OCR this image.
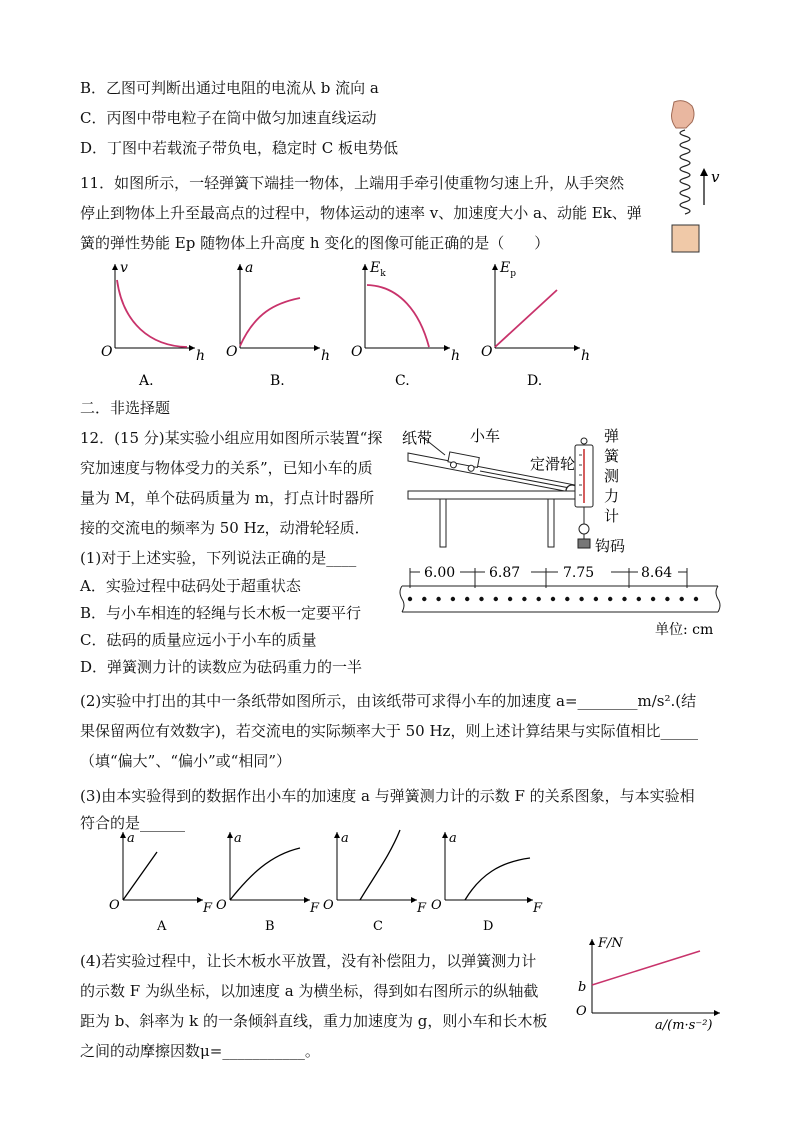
B．乙图可判断出通过电阻的电流从 b 流向 a
C．丙图中带电粒子在筒中做匀加速直线运动
D．丁图中若载流子带负电，稳定时 C 板电势低
11．如图所示，一轻弹簧下端挂一物体，上端用手牵引使重物匀速上升，从手突然
停止到物体上升至最高点的过程中，物体运动的速率 v、加速度大小 a、动能 Ek、弹
簧的弹性势能 Ep 随物体上升高度 h 变化的图像可能正确的是（　　）
v
v
O	h
A.
a
O	h
B.
$E_k$
O	h
C.
$E_p$
O	h
D.
二．非选择题
12．(15 分)某实验小组应用如图所示装置“探
究加速度与物体受力的关系”，已知小车的质
量为 M，单个砝码质量为 m，打点计时器所
接的交流电的频率为 50 Hz，动滑轮轻质．
纸带	小车
定滑轮
钩码
弹
簧
测
力
计
6.00 6.87	7.75	8.64
单位: cm
(1)对于上述实验，下列说法正确的是____
A．实验过程中砝码处于超重状态
B．与小车相连的轻绳与长木板一定要平行
C．砝码的质量应远小于小车的质量
D．弹簧测力计的读数应为砝码重力的一半
(2)实验中打出的其中一条纸带如图所示，由该纸带可求得小车的加速度 a=________m/s².(结
果保留两位有效数字)，若交流电的实际频率大于 50 Hz，则上述计算结果与实际值相比_____
（填“偏大”、“偏小”或“相同”）
(3)由本实验得到的数据作出小车的加速度 a 与弹簧测力计的示数 F 的关系图象，与本实验相
符合的是______
a
O	F
A
a
O	F
B
a
O	F
C
a
O	F
D
(4)若实验过程中，让长木板水平放置，没有补偿阻力，以弹簧测力计
的示数 F 为纵坐标，以加速度 a 为横坐标，得到如右图所示的纵轴截
距为 b、斜率为 k 的一条倾斜直线，重力加速度为 g，则小车和长木板
之间的动摩擦因数μ=___________。
F/N
b
O
a/(m·s⁻²)
